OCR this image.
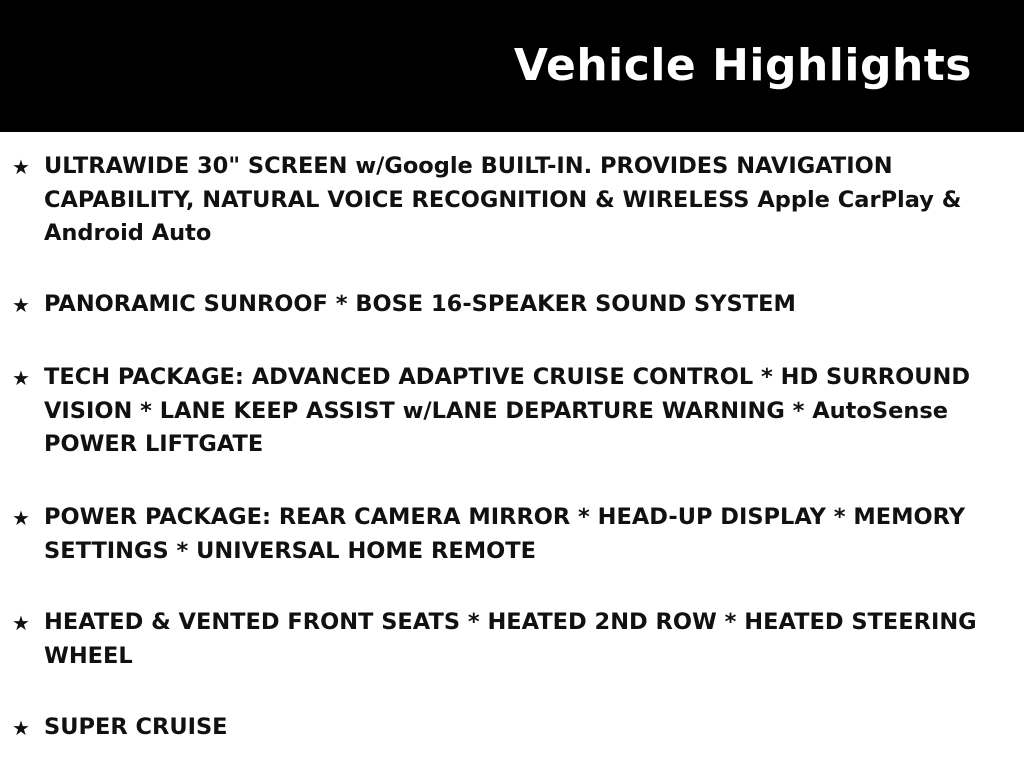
Vehicle Highlights
★ ULTRAWIDE 30" SCREEN w/Google BUILT-IN. PROVIDES NAVIGATION
CAPABILITY, NATURAL VOICE RECOGNITION & WIRELESS Apple CarPlay &
Android Auto
★ PANORAMIC SUNROOF * BOSE 16-SPEAKER SOUND SYSTEM
★ TECH PACKAGE: ADVANCED ADAPTIVE CRUISE CONTROL * HD SURROUND
VISION * LANE KEEP ASSIST w/LANE DEPARTURE WARNING * AutoSense
POWER LIFTGATE
★ POWER PACKAGE: REAR CAMERA MIRROR * HEAD-UP DISPLAY * MEMORY
SETTINGS * UNIVERSAL HOME REMOTE
★ HEATED & VENTED FRONT SEATS * HEATED 2ND ROW * HEATED STEERING
WHEEL
★ SUPER CRUISE
